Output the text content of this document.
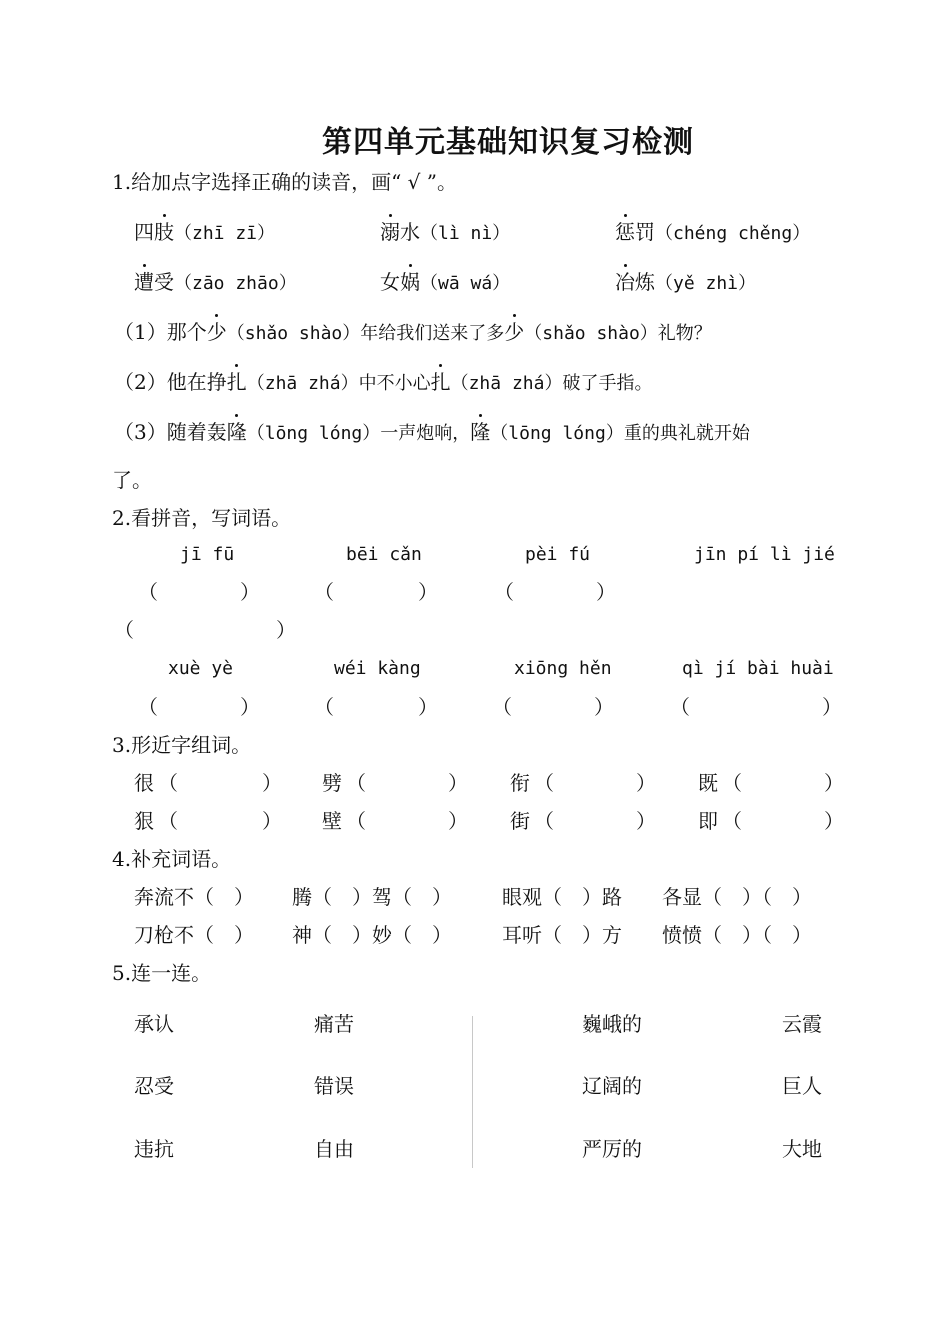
第四单元基础知识复习检测
1.给加点字选择正确的读音，画“ √ ”。
四肢（zhī zī）	溺水（lì nì）	惩罚（chéng chěng）
遭受（zāo zhāo）	女娲（wā wá）	冶炼（yě zhì）
（1）那个少（shǎo shào）年给我们送来了多少（shǎo shào）礼物？
（2）他在挣扎（zhā zhá）中不小心扎（zhā zhá）破了手指。
（3）随着轰隆（lōng lóng）一声炮响，隆（lōng lóng）重的典礼就开始
了。
2.看拼音，写词语。
jī fū	bēi cǎn	pèi fú	jīn pí lì jié
（	）	（	）	（	）
（	）
xuè yè	wéi kàng	xiōng hěn	qì jí bài huài
（	）	（	）	（	）	（	）
3.形近字组词。
很 （	） 劈 （	） 衔 （	） 既 （	）
狠 （	） 壁 （	） 街 （	） 即 （	）
4.补充词语。
奔流不（　） 腾（　）驾（　）	眼观（　）路 各显（　）（　）
刀枪不（　） 神（　）妙（　）	耳听（　）方 愤愤（　）（　）
5.连一连。
承认	痛苦	巍峨的	云霞
忍受	错误	辽阔的	巨人
违抗	自由	严厉的	大地
